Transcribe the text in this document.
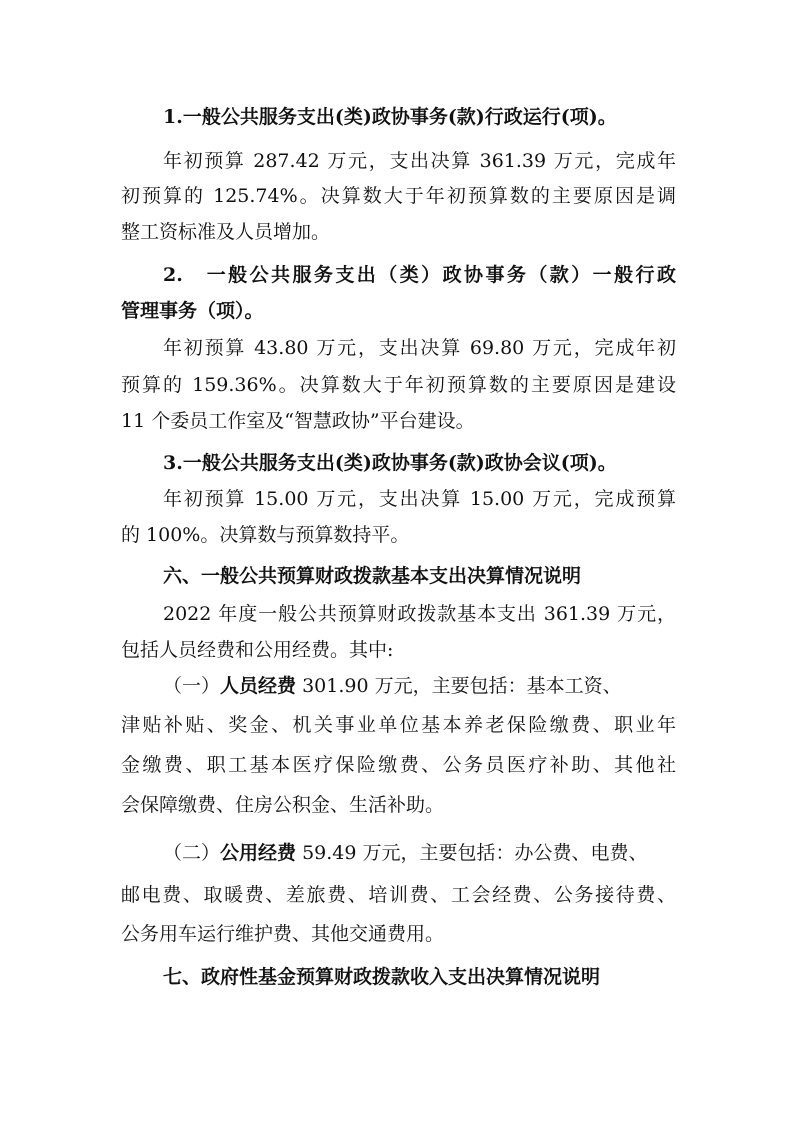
1.一般公共服务支出(类)政协事务(款)行政运行(项)。
年初预算 287.42 万元，支出决算 361.39 万元，完成年
初预算的 125.74%。决算数大于年初预算数的主要原因是调
整工资标准及人员增加。
2.　一般公共服务支出（类）政协事务（款）一般行政
管理事务（项）。
年初预算 43.80 万元，支出决算 69.80 万元，完成年初
预算的 159.36%。决算数大于年初预算数的主要原因是建设
11 个委员工作室及“智慧政协”平台建设。
3.一般公共服务支出(类)政协事务(款)政协会议(项)。
年初预算 15.00 万元，支出决算 15.00 万元，完成预算
的 100%。决算数与预算数持平。
六、一般公共预算财政拨款基本支出决算情况说明
2022 年度一般公共预算财政拨款基本支出 361.39 万元，
包括人员经费和公用经费。其中:
（一）人员经费 301.90 万元，主要包括：基本工资、
津贴补贴、奖金、机关事业单位基本养老保险缴费、职业年
金缴费、职工基本医疗保险缴费、公务员医疗补助、其他社
会保障缴费、住房公积金、生活补助。
（二）公用经费 59.49 万元，主要包括：办公费、电费、
邮电费、取暖费、差旅费、培训费、工会经费、公务接待费、
公务用车运行维护费、其他交通费用。
七、政府性基金预算财政拨款收入支出决算情况说明
